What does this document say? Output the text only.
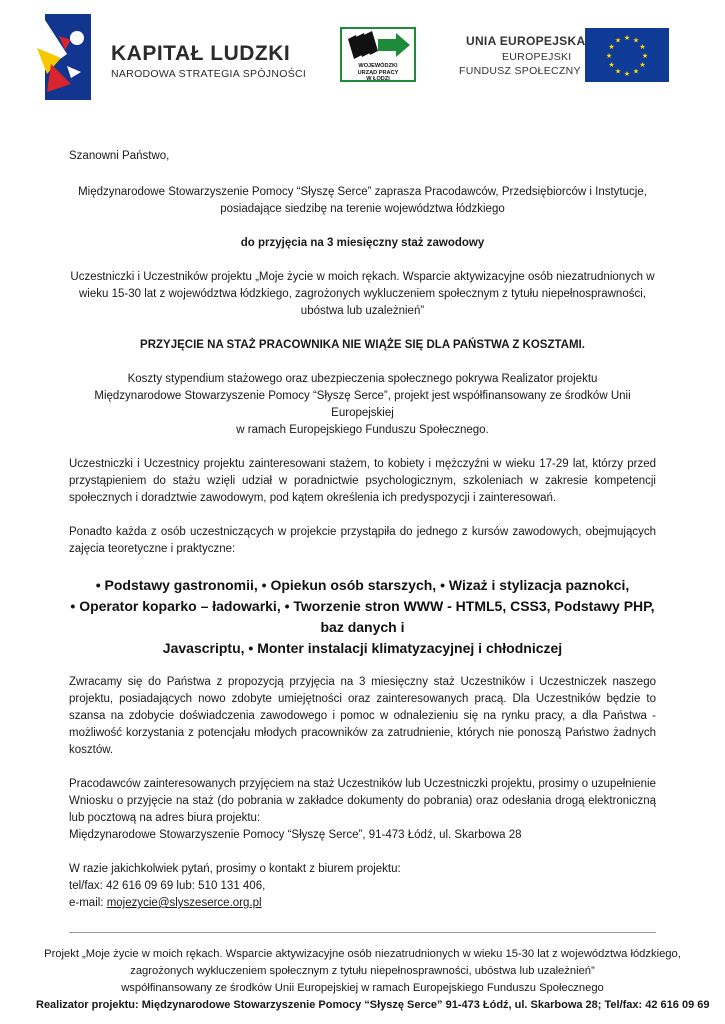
KAPITAŁ LUDZKI
NARODOWA STRATEGIA SPÓJNOŚCI
WOJEWÓDZKI
URZĄD PRACY
W ŁODZI
UNIA EUROPEJSKA
EUROPEJSKI
FUNDUSZ SPOŁECZNY
★ ★
★
★
★
★
★
★
★
★
★
★

Szanowni Państwo,

Międzynarodowe Stowarzyszenie Pomocy “Słyszę Serce” zaprasza Pracodawców, Przedsiębiorców i Instytucje,

posiadające siedzibę na terenie województwa łódzkiego

do przyjęcia na 3 miesięczny staż zawodowy

Uczestniczki i Uczestników projektu „Moje życie w moich rękach. Wsparcie aktywizacyjne osób niezatrudnionych w

wieku 15-30 lat z województwa łódzkiego, zagrożonych wykluczeniem społecznym z tytułu niepełnosprawności,

ubóstwa lub uzależnień”

PRZYJĘCIE NA STAŻ PRACOWNIKA NIE WIĄŻE SIĘ DLA PAŃSTWA Z KOSZTAMI.

Koszty stypendium stażowego oraz ubezpieczenia społecznego pokrywa Realizator projektu

Międzynarodowe Stowarzyszenie Pomocy “Słyszę Serce”, projekt jest współfinansowany ze środków Unii Europejskiej

w ramach Europejskiego Funduszu Społecznego.

Uczestniczki i Uczestnicy projektu zainteresowani stażem, to kobiety i mężczyźni w wieku 17-29 lat, którzy przed przystąpieniem do stażu wzięli udział w poradnictwie psychologicznym, szkoleniach w zakresie kompetencji społecznych i doradztwie zawodowym, pod kątem określenia ich predyspozycji i zainteresowań.

Ponadto każda z osób uczestniczących w projekcie przystąpiła do jednego z kursów zawodowych, obejmujących zajęcia teoretyczne i praktyczne:

• Podstawy gastronomii, • Opiekun osób starszych, • Wizaż i stylizacja paznokci,
• Operator koparko – ładowarki, • Tworzenie stron WWW - HTML5, CSS3, Podstawy PHP, baz danych i
Javascriptu, • Monter instalacji klimatyzacyjnej i chłodniczej

Zwracamy się do Państwa z propozycją przyjęcia na 3 miesięczny staż Uczestników i Uczestniczek naszego projektu, posiadających nowo zdobyte umiejętności oraz zainteresowanych pracą. Dla Uczestników będzie to szansa na zdobycie doświadczenia zawodowego i pomoc w odnalezieniu się na rynku pracy, a dla Państwa - możliwość korzystania z potencjału młodych pracowników za zatrudnienie, których nie ponoszą Państwo żadnych kosztów.

Pracodawców zainteresowanych przyjęciem na staż Uczestników lub Uczestniczki projektu, prosimy o uzupełnienie Wniosku o przyjęcie na staż (do pobrania w zakładce dokumenty do pobrania) oraz odesłania drogą elektroniczną lub pocztową na adres biura projektu:

Międzynarodowe Stowarzyszenie Pomocy “Słyszę Serce”, 91-473 Łódź, ul. Skarbowa 28

W razie jakichkolwiek pytań, prosimy o kontakt z biurem projektu:

tel/fax: 42 616 09 69 lub: 510 131 406,

e-mail: mojezycie@slyszeserce.org.pl

Projekt „Moje życie w moich rękach. Wsparcie aktywizacyjne osób niezatrudnionych w wieku 15-30 lat z województwa łódzkiego,
zagrożonych wykluczeniem społecznym z tytułu niepełnosprawności, ubóstwa lub uzależnień”
współfinansowany ze środków Unii Europejskiej w ramach Europejskiego Funduszu Społecznego
Realizator projektu: Międzynarodowe Stowarzyszenie Pomocy “Słyszę Serce” 91-473 Łódź, ul. Skarbowa 28; Tel/fax: 42 616 09 69
